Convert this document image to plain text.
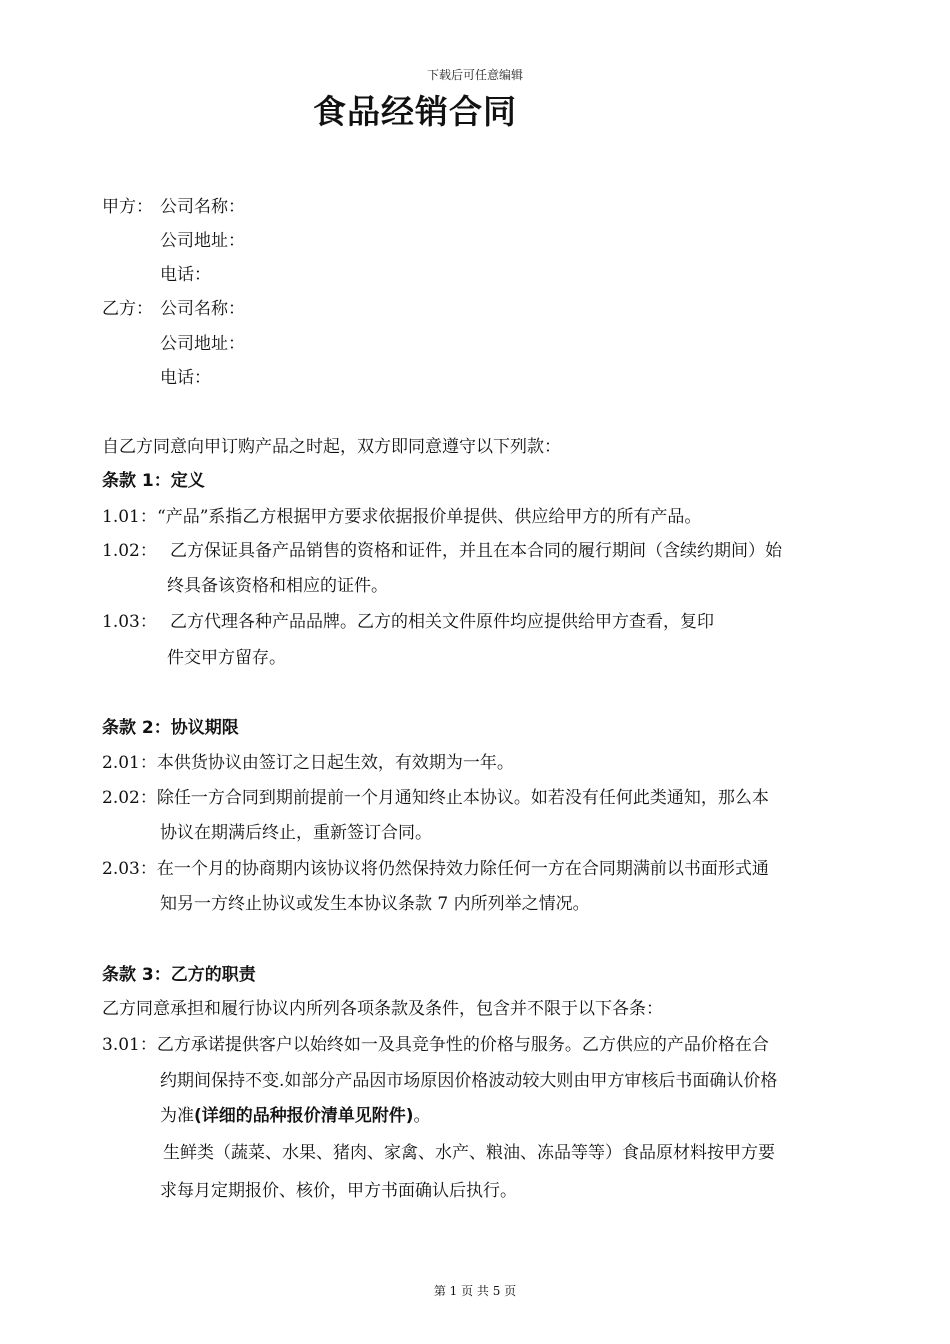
下载后可任意编辑
食品经销合同
甲方： 公司名称：
公司地址：
电话：
乙方： 公司名称：
公司地址：
电话：
自乙方同意向甲订购产品之时起，双方即同意遵守以下列款：
条款 1：定义
1.01： “产品”系指乙方根据甲方要求依据报价单提供、供应给甲方的所有产品。
1.02： 乙方保证具备产品销售的资格和证件，并且在本合同的履行期间（含续约期间）始
终具备该资格和相应的证件。
1.03： 乙方代理各种产品品牌。乙方的相关文件原件均应提供给甲方查看，复印
件交甲方留存。
条款 2：协议期限
2.01：本供货协议由签订之日起生效，有效期为一年。
2.02：除任一方合同到期前提前一个月通知终止本协议。如若没有任何此类通知，那么本
协议在期满后终止，重新签订合同。
2.03：在一个月的协商期内该协议将仍然保持效力除任何一方在合同期满前以书面形式通
知另一方终止协议或发生本协议条款 7 内所列举之情况。
条款 3：乙方的职责
乙方同意承担和履行协议内所列各项条款及条件，包含并不限于以下各条：
3.01：乙方承诺提供客户以始终如一及具竞争性的价格与服务。乙方供应的产品价格在合
约期间保持不变.如部分产品因市场原因价格波动较大则由甲方审核后书面确认价格
为准(详细的品种报价清单见附件)。
生鲜类（蔬菜、水果、猪肉、家禽、水产、粮油、冻品等等）食品原材料按甲方要
求每月定期报价、核价，甲方书面确认后执行。
第 1 页 共 5 页
